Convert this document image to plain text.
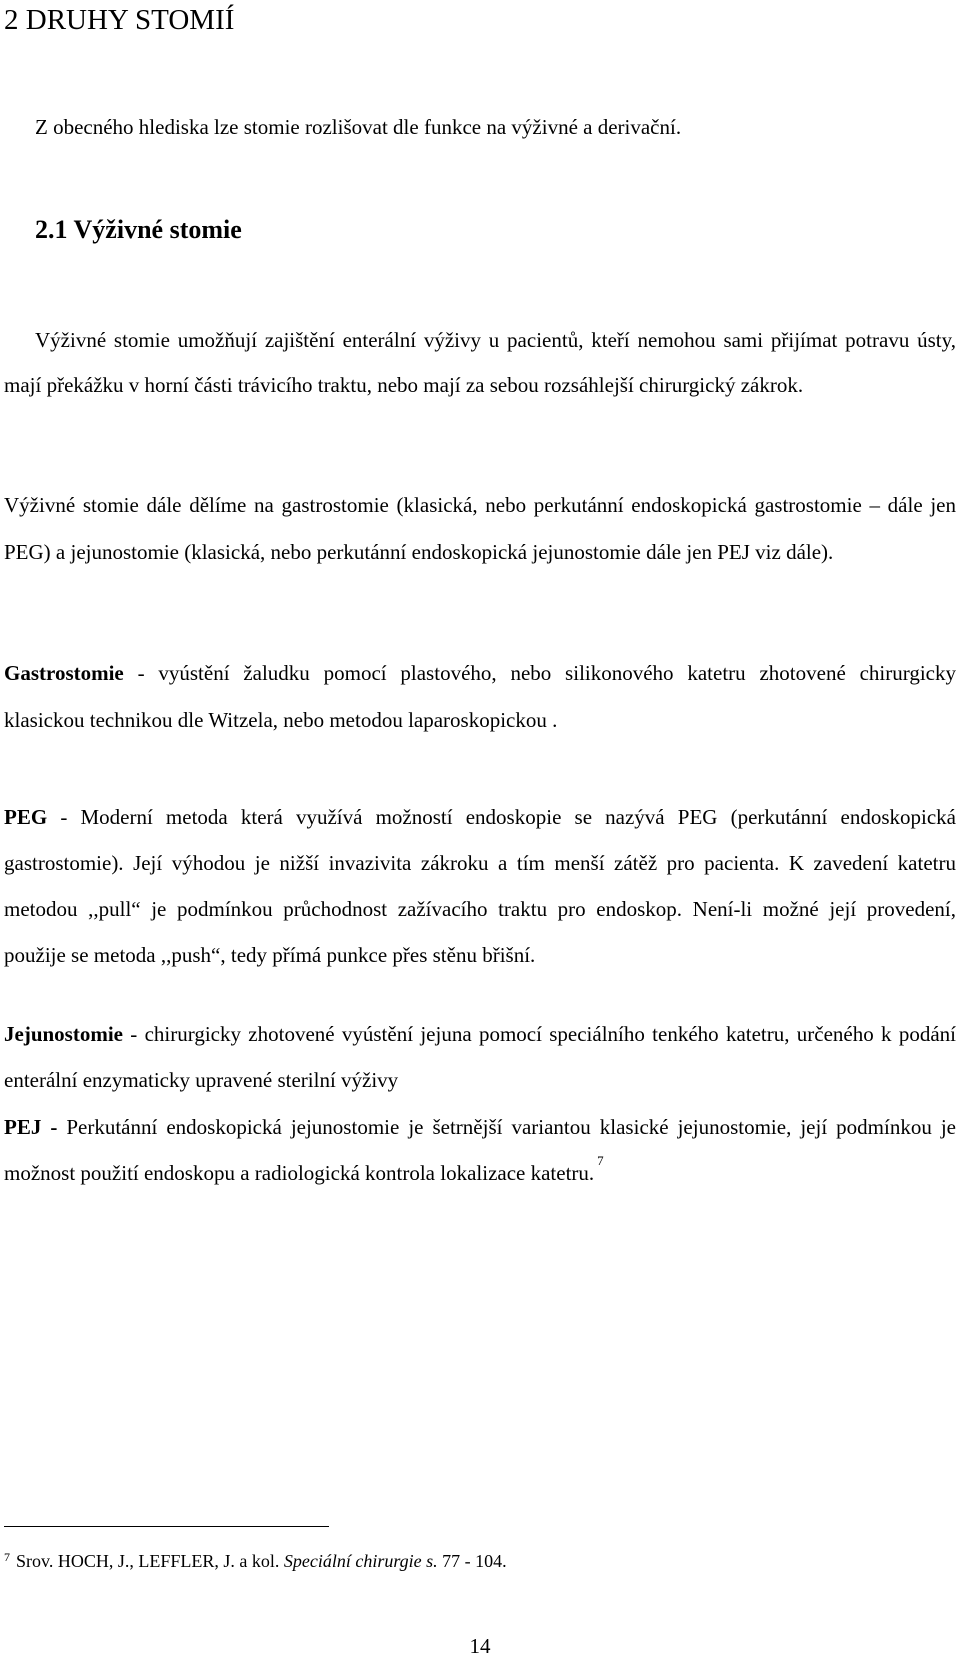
2 DRUHY STOMIÍ

Z obecného hlediska lze stomie rozlišovat dle funkce na výživné a derivační.

2.1 Výživné stomie

Výživné stomie umožňují zajištění enterální výživy u pacientů, kteří nemohou sami přijímat potravu ústy, mají překážku v horní části trávicího traktu, nebo mají za sebou rozsáhlejší chirurgický zákrok.

Výživné stomie dále dělíme na gastrostomie (klasická, nebo perkutánní endoskopická gastrostomie – dále jen PEG) a jejunostomie (klasická, nebo perkutánní endoskopická jejunostomie dále jen PEJ viz dále).

Gastrostomie - vyústění žaludku pomocí plastového, nebo silikonového katetru zhotovené chirurgicky klasickou technikou dle Witzela, nebo metodou laparoskopickou .

PEG - Moderní metoda která využívá možností endoskopie se nazývá PEG (perkutánní endoskopická gastrostomie). Její výhodou je nižší invazivita zákroku a tím menší zátěž pro pacienta. K zavedení katetru metodou ,,pull“ je podmínkou průchodnost zažívacího traktu pro endoskop. Není-li možné její provedení, použije se metoda ,,push“, tedy přímá punkce přes stěnu břišní.

Jejunostomie - chirurgicky zhotovené vyústění jejuna pomocí speciálního tenkého katetru, určeného k podání enterální enzymaticky upravené sterilní výživy

PEJ - Perkutánní endoskopická jejunostomie je šetrnější variantou klasické jejunostomie, její podmínkou je možnost použití endoskopu a radiologická kontrola lokalizace katetru.$^7$

$^7$ Srov. HOCH, J., LEFFLER, J. a kol. Speciální chirurgie s. 77 - 104.

14
